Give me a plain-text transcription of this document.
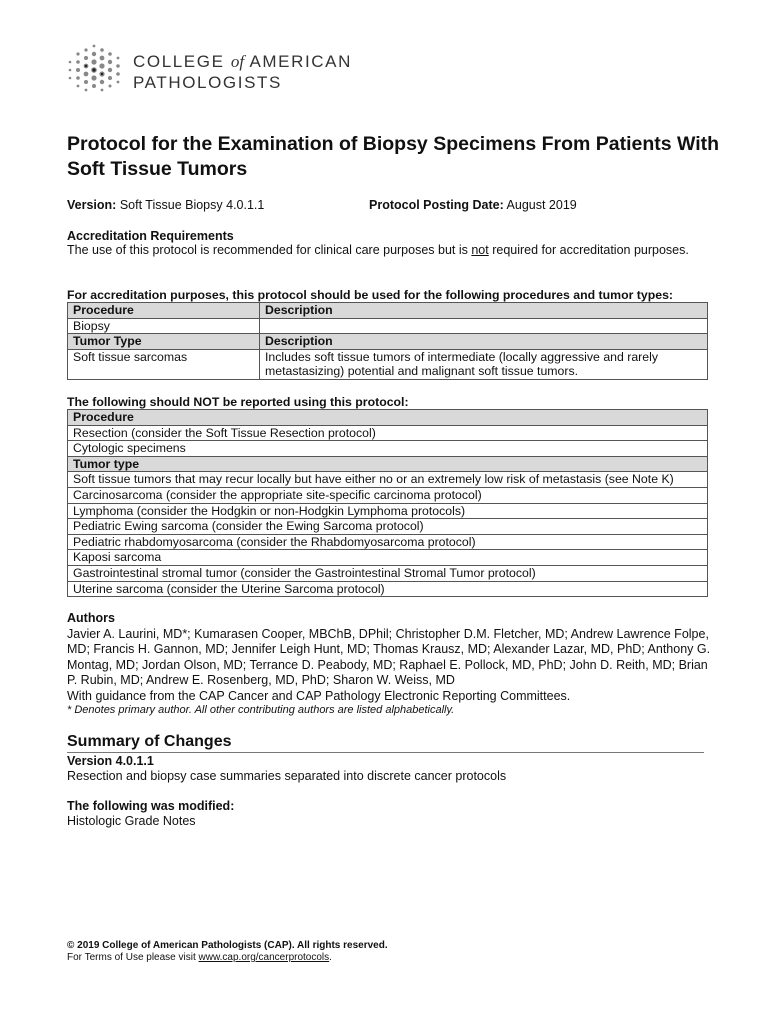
COLLEGE of AMERICAN
PATHOLOGISTS
Protocol for the Examination of Biopsy Specimens From Patients With Soft Tissue Tumors
Version: Soft Tissue Biopsy 4.0.1.1	Protocol Posting Date: August 2019
Accreditation Requirements
The use of this protocol is recommended for clinical care purposes but is not required for accreditation purposes.
For accreditation purposes, this protocol should be used for the following procedures and tumor types:
Procedure	Description
Biopsy	
Tumor Type	Description
Soft tissue sarcomas	Includes soft tissue tumors of intermediate (locally aggressive and rarely metastasizing) potential and malignant soft tissue tumors.
The following should NOT be reported using this protocol:
Procedure
Resection (consider the Soft Tissue Resection protocol)
Cytologic specimens
Tumor type
Soft tissue tumors that may recur locally but have either no or an extremely low risk of metastasis (see Note K)
Carcinosarcoma (consider the appropriate site-specific carcinoma protocol)
Lymphoma (consider the Hodgkin or non-Hodgkin Lymphoma protocols)
Pediatric Ewing sarcoma (consider the Ewing Sarcoma protocol)
Pediatric rhabdomyosarcoma (consider the Rhabdomyosarcoma protocol)
Kaposi sarcoma
Gastrointestinal stromal tumor (consider the Gastrointestinal Stromal Tumor protocol)
Uterine sarcoma (consider the Uterine Sarcoma protocol)
Authors
Javier A. Laurini, MD*; Kumarasen Cooper, MBChB, DPhil; Christopher D.M. Fletcher, MD; Andrew Lawrence Folpe, MD; Francis H. Gannon, MD; Jennifer Leigh Hunt, MD; Thomas Krausz, MD; Alexander Lazar, MD, PhD; Anthony G. Montag, MD; Jordan Olson, MD; Terrance D. Peabody, MD; Raphael E. Pollock, MD, PhD; John D. Reith, MD; Brian P. Rubin, MD; Andrew E. Rosenberg, MD, PhD; Sharon W. Weiss, MD
With guidance from the CAP Cancer and CAP Pathology Electronic Reporting Committees.
* Denotes primary author. All other contributing authors are listed alphabetically.
Summary of Changes
Version 4.0.1.1
Resection and biopsy case summaries separated into discrete cancer protocols
The following was modified:
Histologic Grade Notes
© 2019 College of American Pathologists (CAP). All rights reserved.
For Terms of Use please visit www.cap.org/cancerprotocols.
